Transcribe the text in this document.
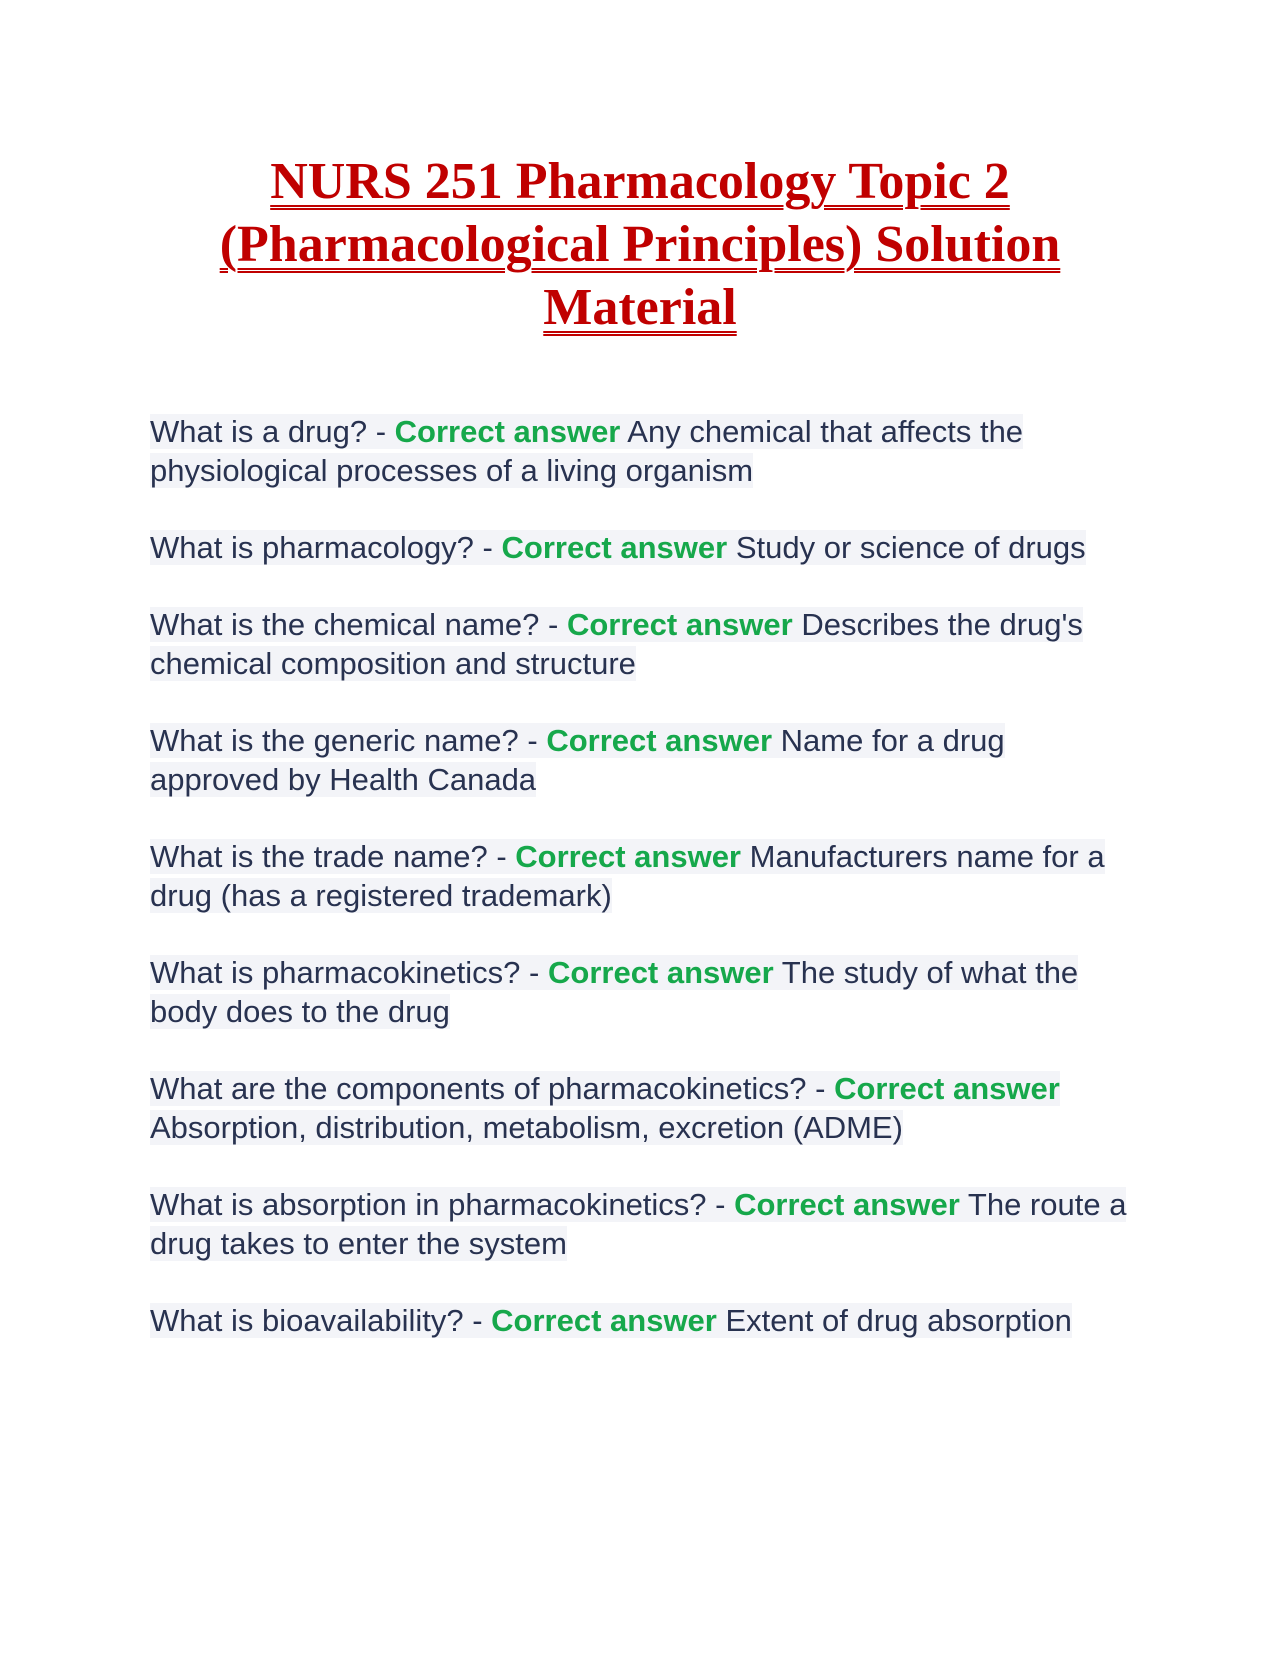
NURS 251 Pharmacology Topic 2 (Pharmacological Principles) Solution Material

What is a drug? - Correct answer Any chemical that affects the physiological processes of a living organism

What is pharmacology? - Correct answer Study or science of drugs

What is the chemical name? - Correct answer Describes the drug's chemical composition and structure

What is the generic name? - Correct answer Name for a drug approved by Health Canada

What is the trade name? - Correct answer Manufacturers name for a drug (has a registered trademark)

What is pharmacokinetics? - Correct answer The study of what the body does to the drug

What are the components of pharmacokinetics? - Correct answer Absorption, distribution, metabolism, excretion (ADME)

What is absorption in pharmacokinetics? - Correct answer The route a drug takes to enter the system

What is bioavailability? - Correct answer Extent of drug absorption
